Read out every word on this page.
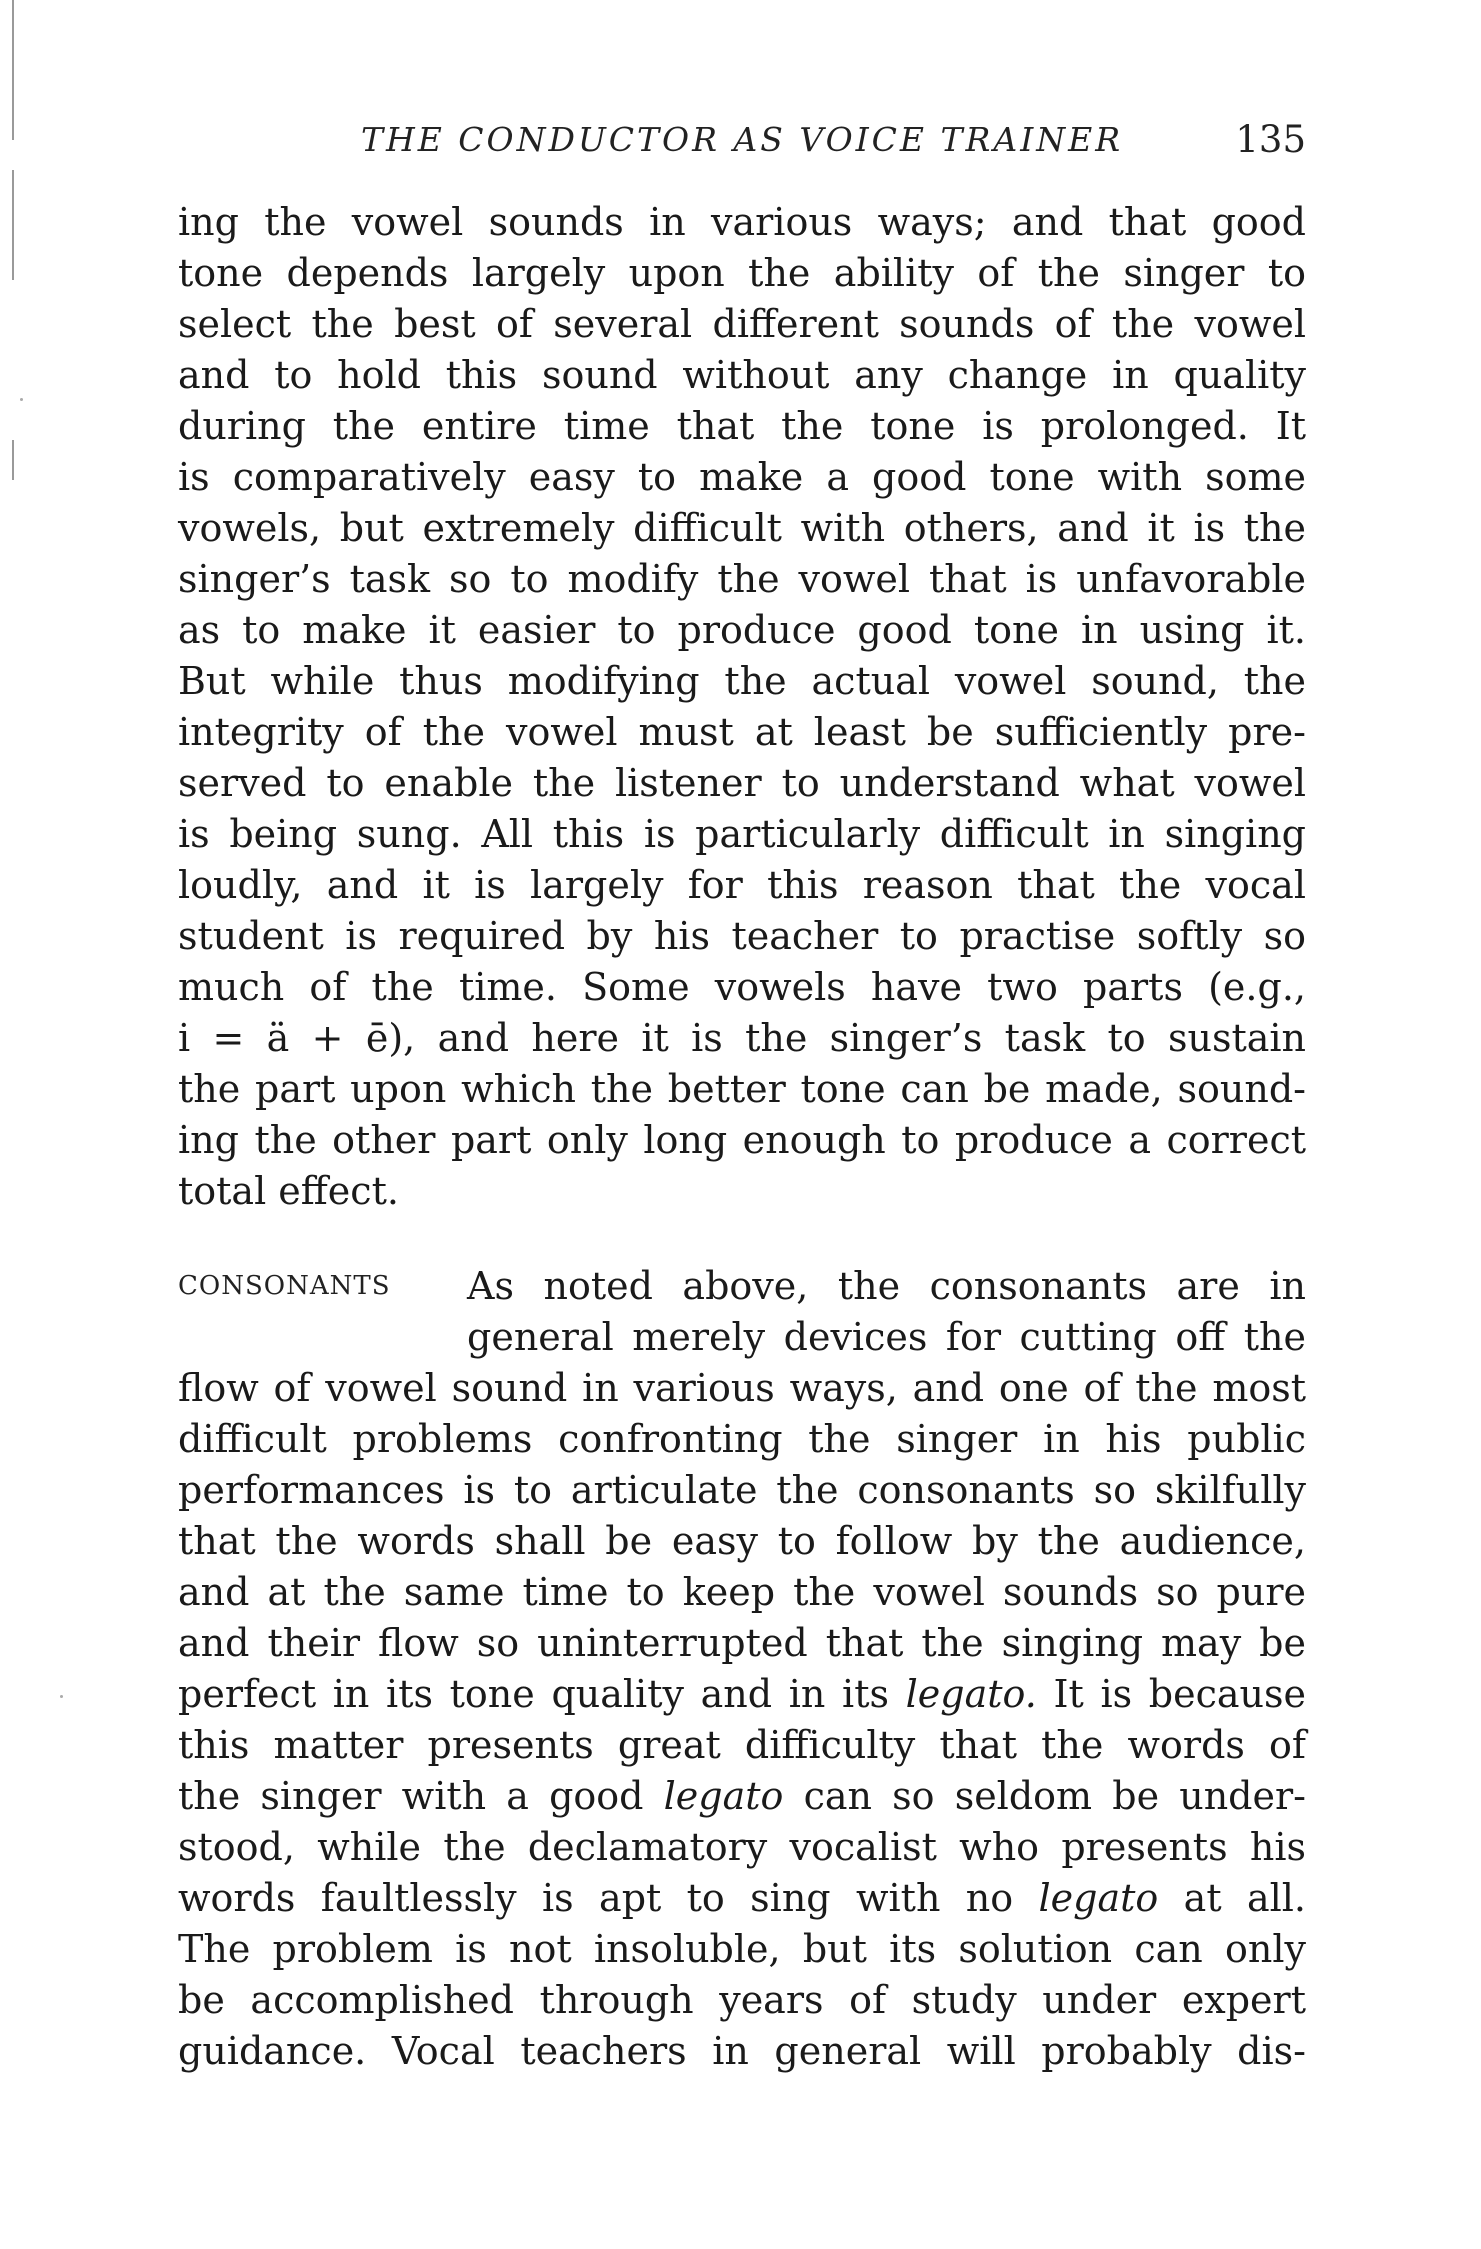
THE CONDUCTOR AS VOICE TRAINER	135
ing the vowel sounds in various ways; and that good
tone depends largely upon the ability of the singer to
select the best of several different sounds of the vowel
and to hold this sound without any change in quality
during the entire time that the tone is prolonged. It
is comparatively easy to make a good tone with some
vowels, but extremely difficult with others, and it is the
singer’s task so to modify the vowel that is unfavorable
as to make it easier to produce good tone in using it.
But while thus modifying the actual vowel sound, the
integrity of the vowel must at least be sufficiently pre-
served to enable the listener to understand what vowel
is being sung. All this is particularly difficult in singing
loudly, and it is largely for this reason that the vocal
student is required by his teacher to practise softly so
much of the time. Some vowels have two parts (e.g.,
i = ä + ē), and here it is the singer’s task to sustain
the part upon which the better tone can be made, sound-
ing the other part only long enough to produce a correct
total effect.
CONSONANTS As noted above, the consonants are in
general merely devices for cutting off the
flow of vowel sound in various ways, and one of the most
difficult problems confronting the singer in his public
performances is to articulate the consonants so skilfully
that the words shall be easy to follow by the audience,
and at the same time to keep the vowel sounds so pure
and their flow so uninterrupted that the singing may be
perfect in its tone quality and in its legato. It is because
this matter presents great difficulty that the words of
the singer with a good legato can so seldom be under-
stood, while the declamatory vocalist who presents his
words faultlessly is apt to sing with no legato at all.
The problem is not insoluble, but its solution can only
be accomplished through years of study under expert
guidance. Vocal teachers in general will probably dis-
